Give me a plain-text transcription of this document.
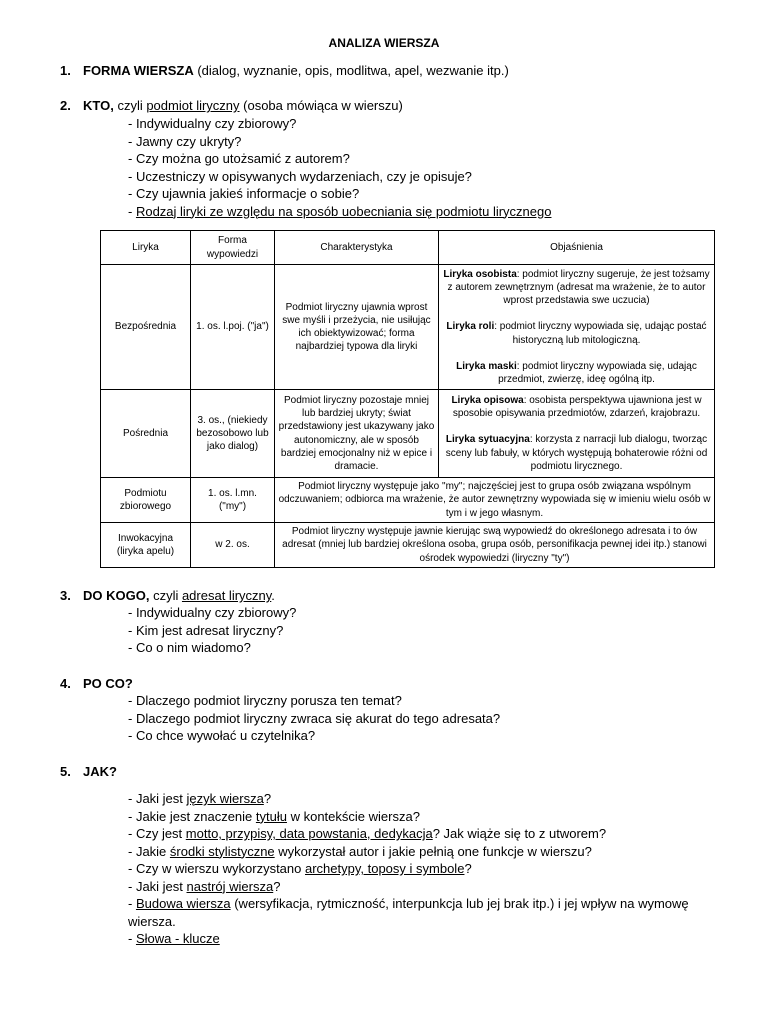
ANALIZA WIERSZA
1. FORMA WIERSZA (dialog, wyznanie, opis, modlitwa, apel, wezwanie itp.)
2. KTO, czyli podmiot liryczny (osoba mówiąca w wierszu)
- Indywidualny czy zbiorowy?
- Jawny czy ukryty?
- Czy można go utożsamić z autorem?
- Uczestniczy w opisywanych wydarzeniach, czy je opisuje?
- Czy ujawnia jakieś informacje o sobie?
- Rodzaj liryki ze względu na sposób uobecniania się podmiotu lirycznego
Liryka	Forma wypowiedzi	Charakterystyka	Objaśnienia
Bezpośrednia	1. os. l.poj. ("ja")	Podmiot liryczny ujawnia wprost swe myśli i przeżycia, nie usiłując ich obiektywizować; forma najbardziej typowa dla liryki	Liryka osobista: podmiot liryczny sugeruje, że jest tożsamy z autorem zewnętrznym (adresat ma wrażenie, że to autor wprost przedstawia swe uczucia)

Liryka roli: podmiot liryczny wypowiada się, udając postać historyczną lub mitologiczną.

Liryka maski: podmiot liryczny wypowiada się, udając przedmiot, zwierzę, ideę ogólną itp.

Pośrednia	3. os., (niekiedy bezosobowo lub jako dialog)	Podmiot liryczny pozostaje mniej lub bardziej ukryty; świat przedstawiony jest ukazywany jako autonomiczny, ale w sposób bardziej emocjonalny niż w epice i dramacie.	Liryka opisowa: osobista perspektywa ujawniona jest w sposobie opisywania przedmiotów, zdarzeń, krajobrazu.

Liryka sytuacyjna: korzysta z narracji lub dialogu, tworząc sceny lub fabuły, w których występują bohaterowie różni od podmiotu lirycznego.

Podmiotu zbiorowego	1. os. l.mn. ("my")	Podmiot liryczny występuje jako "my"; najczęściej jest to grupa osób związana wspólnym odczuwaniem; odbiorca ma wrażenie, że autor zewnętrzny wypowiada się w imieniu wielu osób w tym i w jego własnym.	
Inwokacyjna (liryka apelu)	w 2. os.	Podmiot liryczny występuje jawnie kierując swą wypowiedź do określonego adresata i to ów adresat (mniej lub bardziej określona osoba, grupa osób, personifikacja pewnej idei itp.) stanowi ośrodek wypowiedzi (liryczny "ty")	
3. DO KOGO, czyli adresat liryczny.
- Indywidualny czy zbiorowy?
- Kim jest adresat liryczny?
- Co o nim wiadomo?
4. PO CO?
- Dlaczego podmiot liryczny porusza ten temat?
- Dlaczego podmiot liryczny zwraca się akurat do tego adresata?
- Co chce wywołać u czytelnika?
5. JAK?
- Jaki jest język wiersza?
- Jakie jest znaczenie tytułu w kontekście wiersza?
- Czy jest motto, przypisy, data powstania, dedykacja? Jak wiąże się to z utworem?
- Jakie środki stylistyczne wykorzystał autor i jakie pełnią one funkcje w wierszu?
- Czy w wierszu wykorzystano archetypy, toposy i symbole?
- Jaki jest nastrój wiersza?
- Budowa wiersza (wersyfikacja, rytmiczność, interpunkcja lub jej brak itp.) i jej wpływ na wymowę
wiersza.
- Słowa - klucze
